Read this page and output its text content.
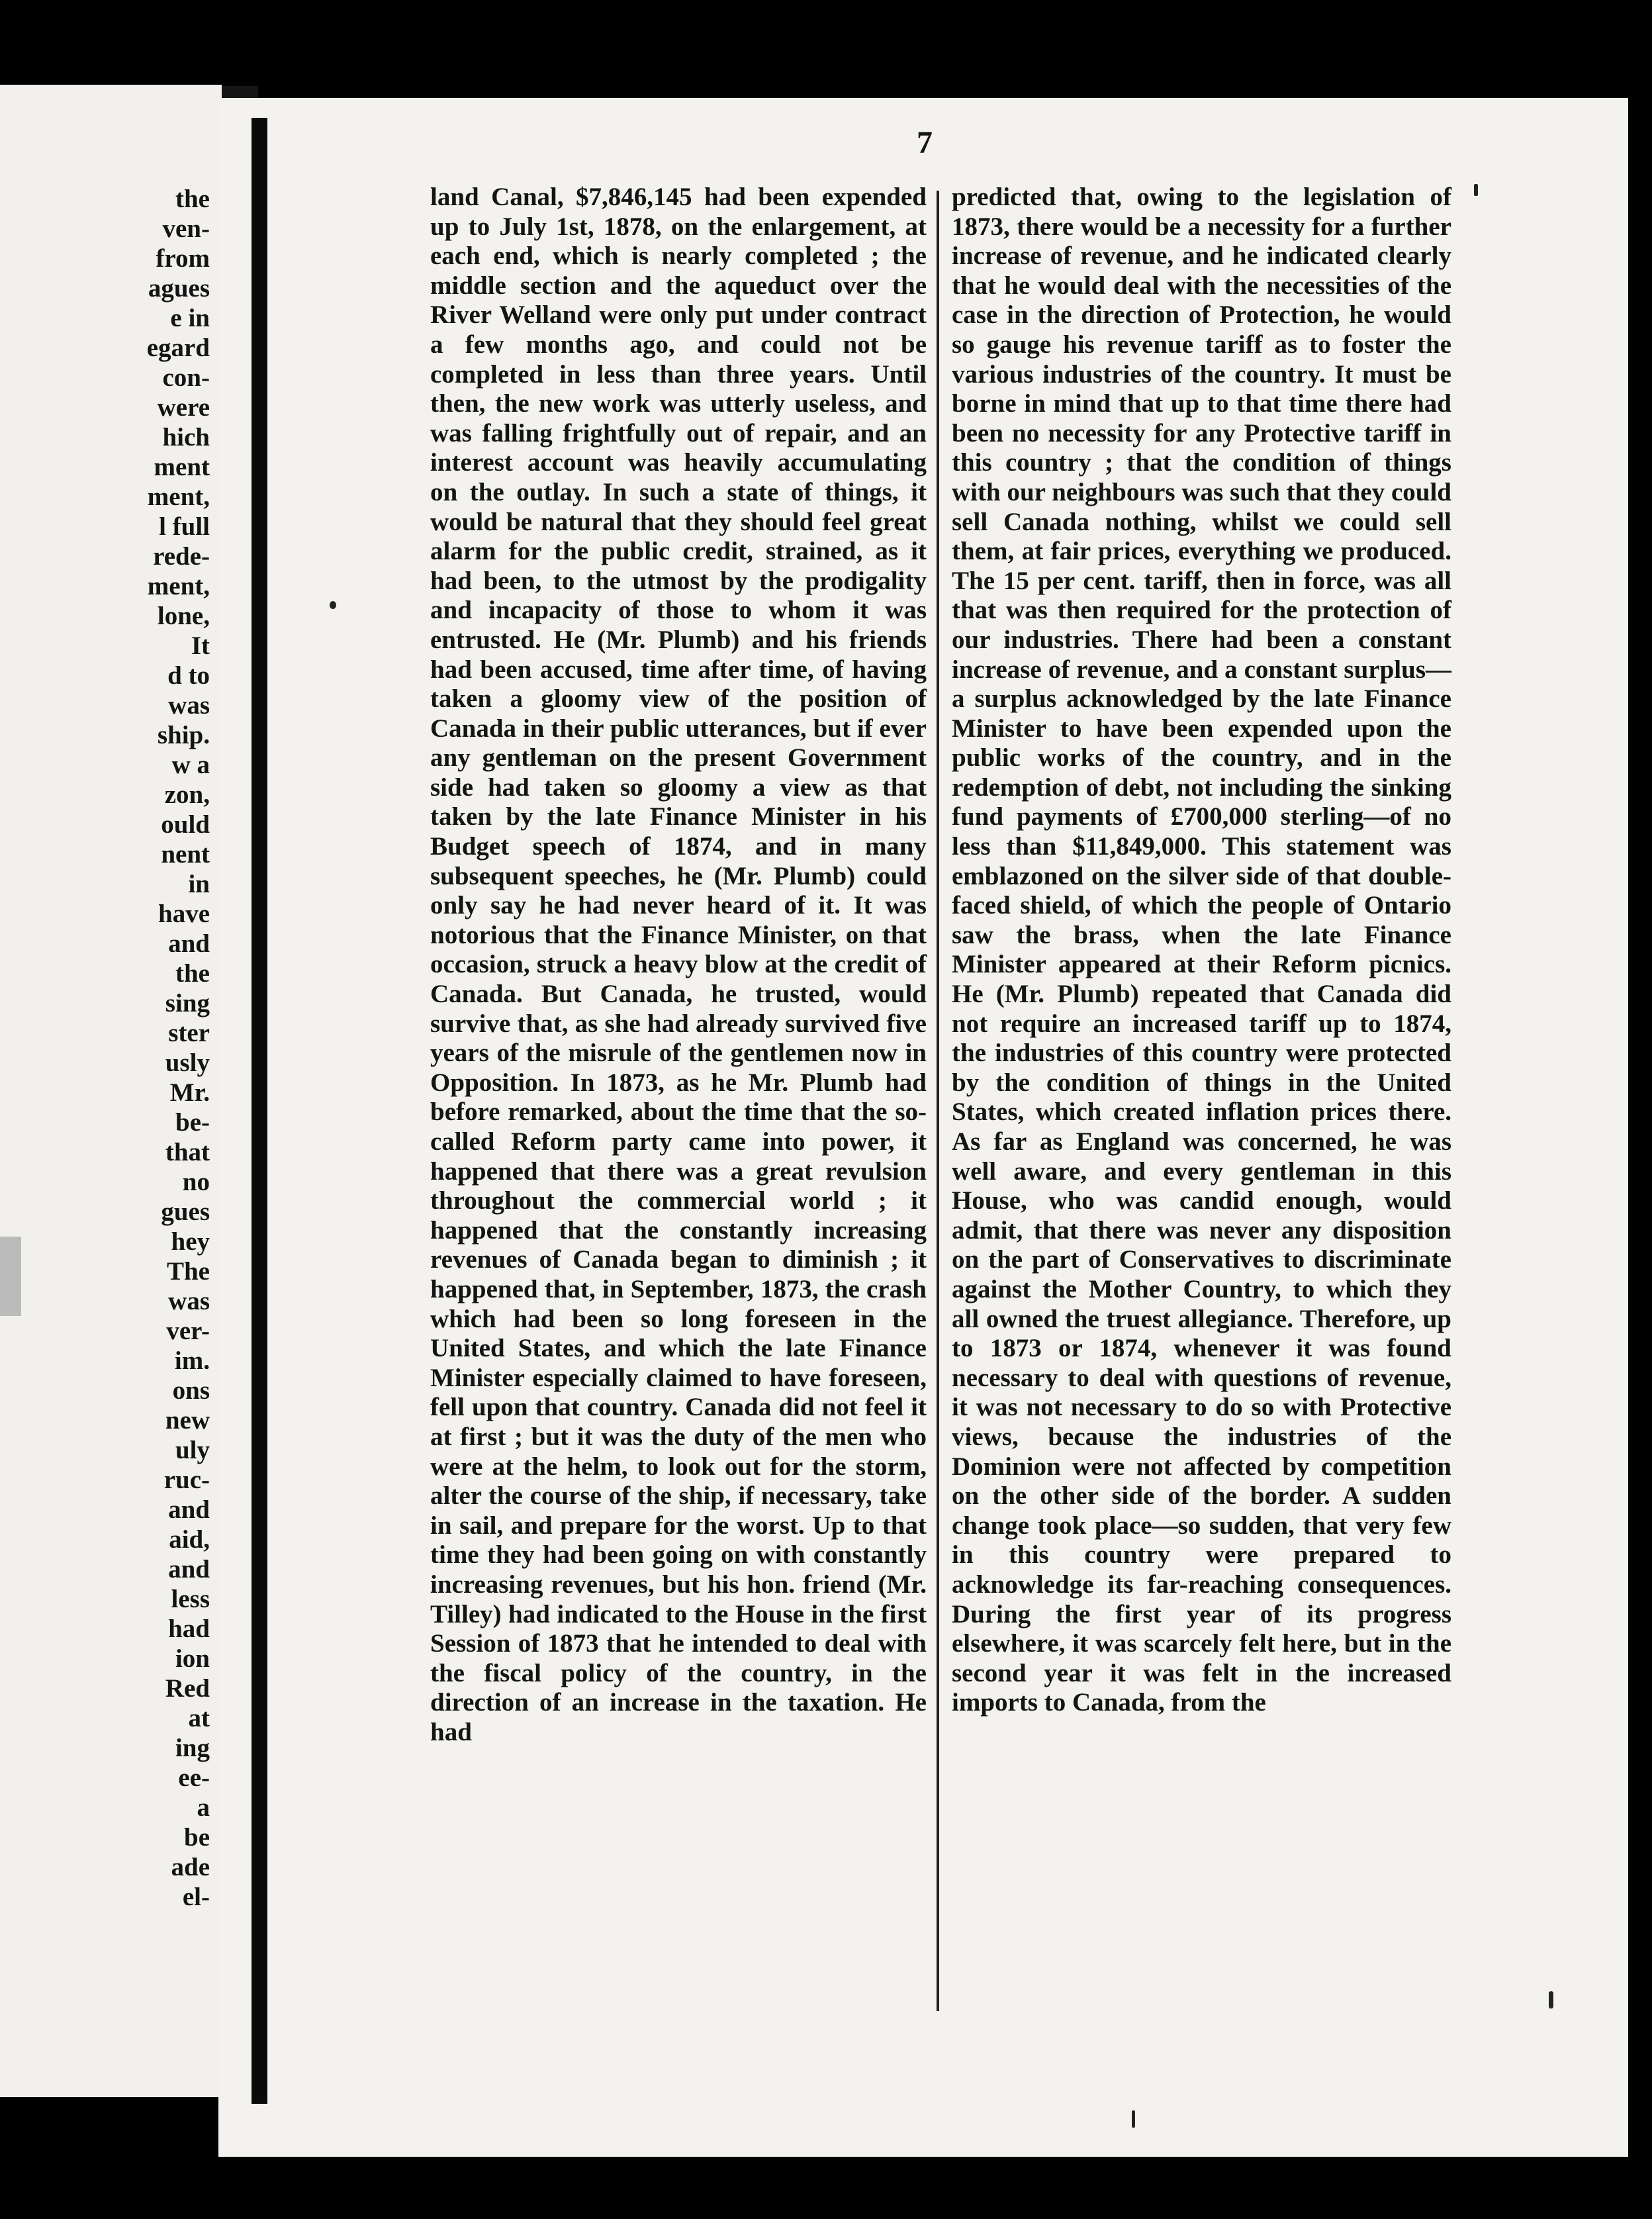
the
ven-
from
agues
e in
egard
con-
were
hich
ment
ment,
l full
rede-
ment,
lone,
It
d to
was
ship.
w a
zon,
ould
nent
in
have
and
the
sing
ster
usly
Mr.
be-
that
no
gues
hey
The
was
ver-
im.
ons
new
uly
ruc-
and
aid,
and
less
had
ion
Red
at
ing
ee-
a
be
ade
el-
7
land Canal, $7,846,145 had been expended up to July 1st, 1878, on the enlargement, at each end, which is nearly completed ; the middle section and the aqueduct over the River Welland were only put under contract a few months ago, and could not be completed in less than three years. Until then, the new work was utterly useless, and was falling frightfully out of repair, and an interest account was heavily accumulating on the outlay. In such a state of things, it would be natural that they should feel great alarm for the public credit, strained, as it had been, to the utmost by the prodigality and incapacity of those to whom it was entrusted. He (Mr. Plumb) and his friends had been accused, time after time, of having taken a gloomy view of the position of Canada in their public utterances, but if ever any gentleman on the present Government side had taken so gloomy a view as that taken by the late Finance Minister in his Budget speech of 1874, and in many subsequent speeches, he (Mr. Plumb) could only say he had never heard of it. It was notorious that the Finance Minister, on that occasion, struck a heavy blow at the credit of Canada. But Canada, he trusted, would survive that, as she had already survived five years of the misrule of the gentlemen now in Opposition. In 1873, as he Mr. Plumb had before remarked, about the time that the so-called Reform party came into power, it happened that there was a great revulsion throughout the commercial world ; it happened that the constantly increasing revenues of Canada began to diminish ; it happened that, in September, 1873, the crash which had been so long foreseen in the United States, and which the late Finance Minister especially claimed to have foreseen, fell upon that country. Canada did not feel it at first ; but it was the duty of the men who were at the helm, to look out for the storm, alter the course of the ship, if necessary, take in sail, and prepare for the worst. Up to that time they had been going on with constantly increasing revenues, but his hon. friend (Mr. Tilley) had indicated to the House in the first Session of 1873 that he intended to deal with the fiscal policy of the country, in the direction of an increase in the taxation. He had
predicted that, owing to the legislation of 1873, there would be a necessity for a further increase of revenue, and he indicated clearly that he would deal with the necessities of the case in the direction of Protection, he would so gauge his revenue tariff as to foster the various industries of the country. It must be borne in mind that up to that time there had been no necessity for any Protective tariff in this country ; that the condition of things with our neighbours was such that they could sell Canada nothing, whilst we could sell them, at fair prices, everything we produced. The 15 per cent. tariff, then in force, was all that was then required for the protection of our industries. There had been a constant increase of revenue, and a constant surplus—a surplus acknowledged by the late Finance Minister to have been expended upon the public works of the country, and in the redemption of debt, not including the sinking fund payments of £700,000 sterling—of no less than $11,849,000. This statement was emblazoned on the silver side of that double-faced shield, of which the people of Ontario saw the brass, when the late Finance Minister appeared at their Reform picnics. He (Mr. Plumb) repeated that Canada did not require an increased tariff up to 1874, the industries of this country were protected by the condition of things in the United States, which created inflation prices there. As far as England was concerned, he was well aware, and every gentleman in this House, who was candid enough, would admit, that there was never any disposition on the part of Conservatives to discriminate against the Mother Country, to which they all owned the truest allegiance. Therefore, up to 1873 or 1874, whenever it was found necessary to deal with questions of revenue, it was not necessary to do so with Protective views, because the industries of the Dominion were not affected by competition on the other side of the border. A sudden change took place—so sudden, that very few in this country were prepared to acknowledge its far-reaching consequences. During the first year of its progress elsewhere, it was scarcely felt here, but in the second year it was felt in the increased imports to Canada, from the
